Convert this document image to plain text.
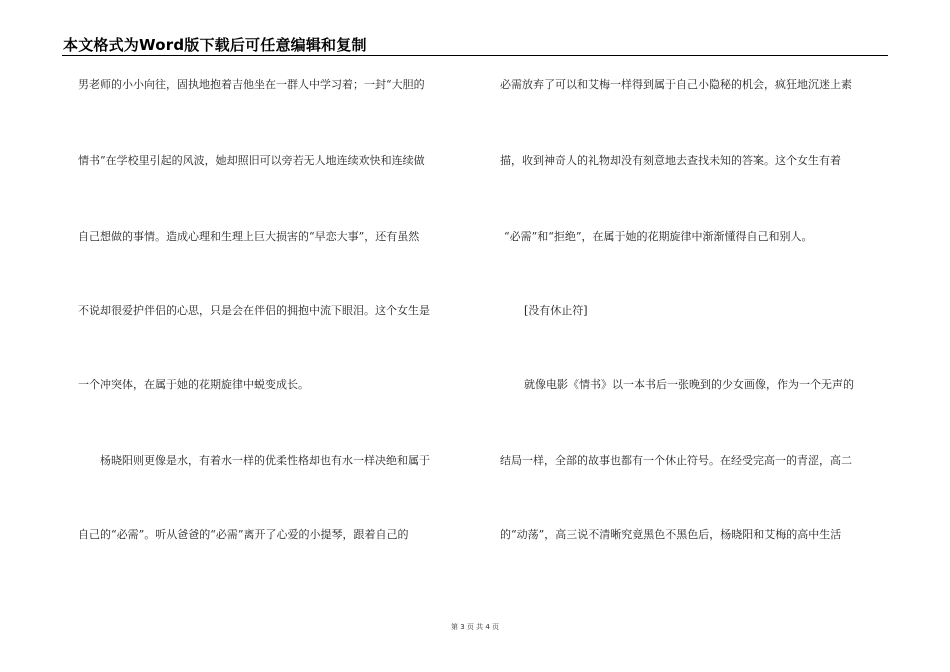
本文格式为Word版下载后可任意编辑和复制
男老师的小小向往，固执地抱着吉他坐在一群人中学习着；一封“大胆的
情书”在学校里引起的风波，她却照旧可以旁若无人地连续欢快和连续做
自己想做的事情。造成心理和生理上巨大损害的“早恋大事”，还有虽然
不说却很爱护伴侣的心思，只是会在伴侣的拥抱中流下眼泪。这个女生是
一个冲突体，在属于她的花期旋律中蜕变成长。
杨晓阳则更像是水，有着水一样的优柔性格却也有水一样决绝和属于
自己的“必需”。听从爸爸的“必需”离开了心爱的小提琴，跟着自己的
必需放弃了可以和艾梅一样得到属于自己小隐秘的机会，疯狂地沉迷上素
描，收到神奇人的礼物却没有刻意地去查找未知的答案。这个女生有着
“必需”和“拒绝”，在属于她的花期旋律中渐渐懂得自己和别人。
[没有休止符]
就像电影《情书》以一本书后一张晚到的少女画像，作为一个无声的
结局一样，全部的故事也都有一个休止符号。在经受完高一的青涩，高二
的“动荡”，高三说不清晰究竟黑色不黑色后，杨晓阳和艾梅的高中生活
第 3 页 共 4 页
